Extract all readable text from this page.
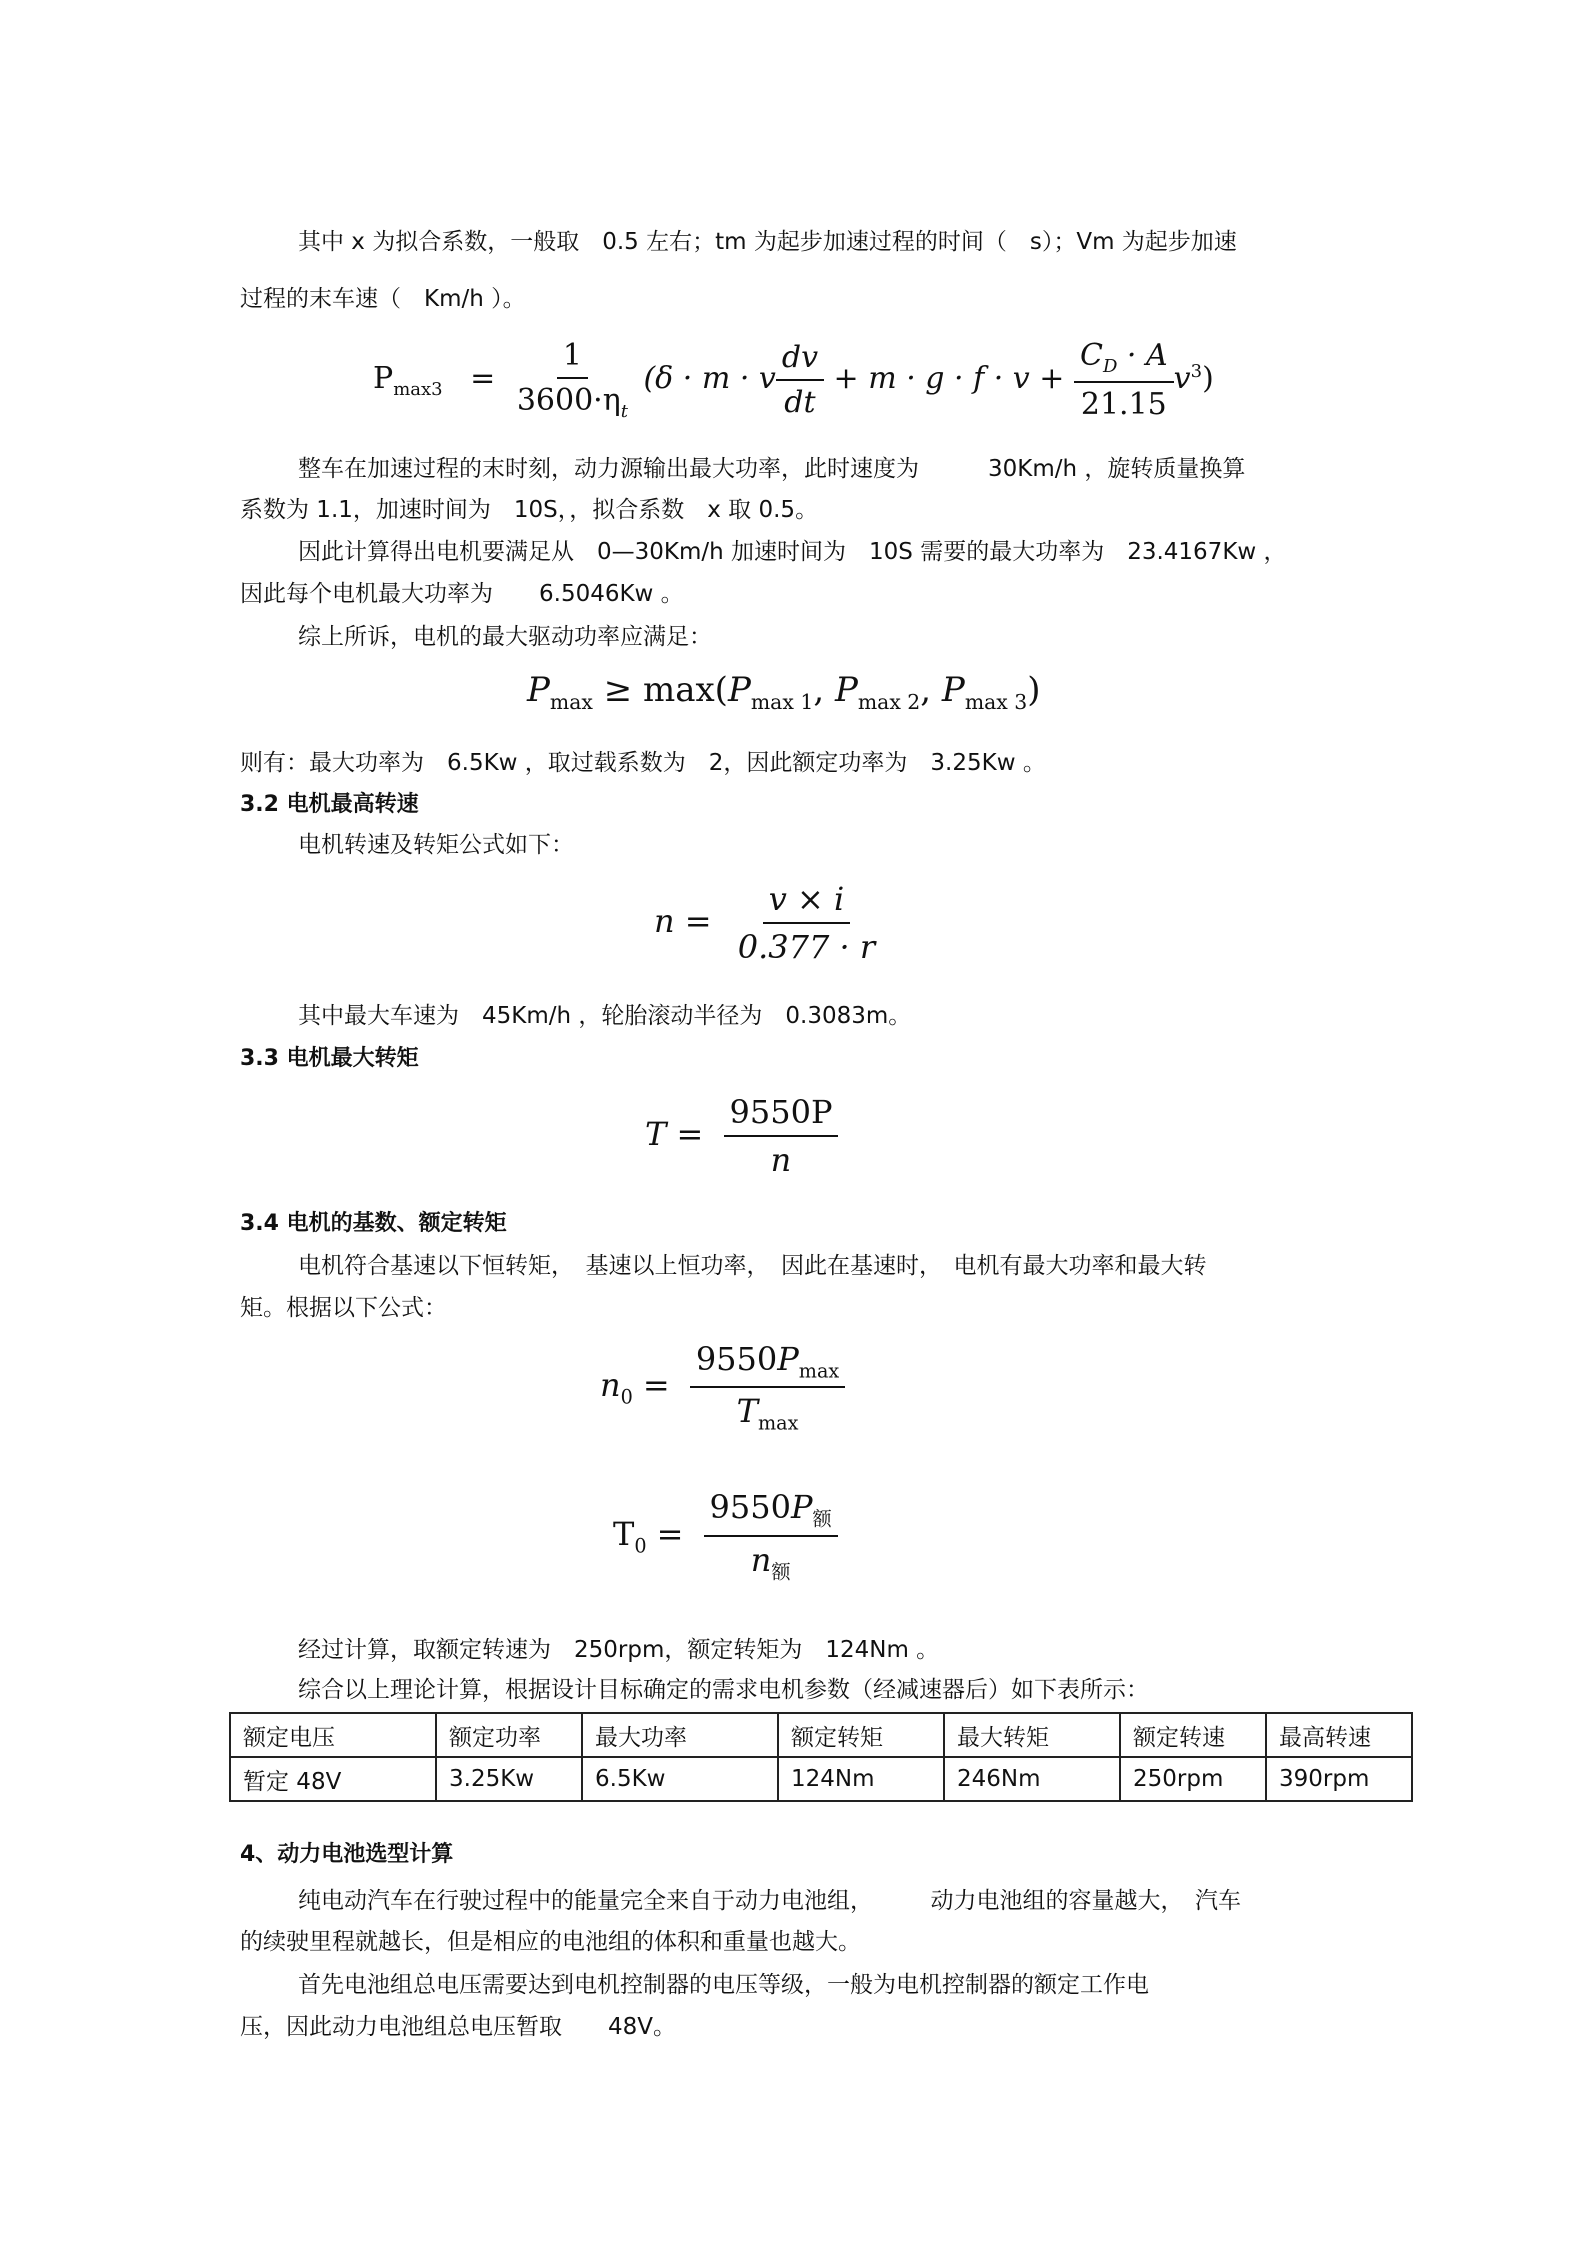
其中 x 为拟合系数，一般取　0.5 左右；tm 为起步加速过程的时间（　s）；Vm 为起步加速

过程的末车速（　Km/h ）。

$P_{max3} = \frac{1}{3600\cdot\eta_t} (\delta \cdot m \cdot v \frac{dv}{dt} + m \cdot g \cdot f \cdot v + \frac{C_D \cdot A}{21.15} v^3)$

整车在加速过程的末时刻，动力源输出最大功率，此时速度为　　　30Km/h ，旋转质量换算

系数为 1.1，加速时间为　10S，，拟合系数　x 取 0.5。

因此计算得出电机要满足从　0—30Km/h 加速时间为　10S 需要的最大功率为　23.4167Kw ，

因此每个电机最大功率为　　6.5046Kw 。

综上所诉，电机的最大驱动功率应满足：

$P_{max} \ge \max(P_{max 1}$, $P_{max 2}$, $P_{max 3}$)

则有：最大功率为　6.5Kw ，取过载系数为　2，因此额定功率为　3.25Kw 。

3.2 电机最高转速

电机转速及转矩公式如下：

$n = \frac{v \times i}{0.377 \cdot r}$

其中最大车速为　45Km/h ，轮胎滚动半径为　0.3083m。

3.3 电机最大转矩
$T = \frac{9550P}{n}$
3.4 电机的基数、额定转矩

电机符合基速以下恒转矩，　基速以上恒功率，　因此在基速时，　电机有最大功率和最大转

矩。根据以下公式：

$n_0 = \frac{9550P_{max}}{T_{max}}$
$T_0 = \frac{9550P_额}{n_额}$

经过计算，取额定转速为　250rpm，额定转矩为　124Nm 。

综合以上理论计算，根据设计目标确定的需求电机参数（经减速器后）如下表所示：

额定电压	额定功率	最大功率	额定转矩	最大转矩	额定转速	最高转速
暂定 48V	3.25Kw	6.5Kw	124Nm	246Nm	250rpm	390rpm
4、动力电池选型计算

纯电动汽车在行驶过程中的能量完全来自于动力电池组，　　　动力电池组的容量越大，　汽车

的续驶里程就越长，但是相应的电池组的体积和重量也越大。

首先电池组总电压需要达到电机控制器的电压等级，一般为电机控制器的额定工作电

压，因此动力电池组总电压暂取　　48V。
